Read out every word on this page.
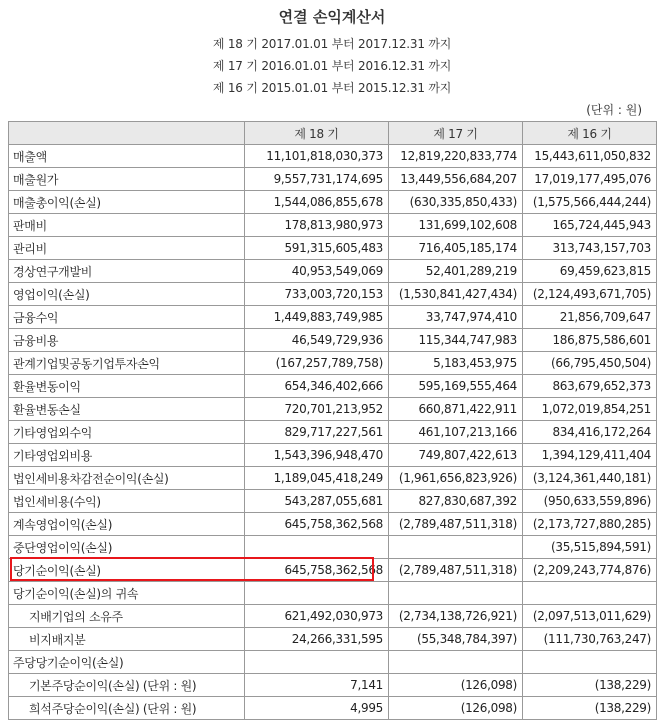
연결 손익계산서
제 18 기 2017.01.01 부터 2017.12.31 까지
제 17 기 2016.01.01 부터 2016.12.31 까지
제 16 기 2015.01.01 부터 2015.12.31 까지
(단위 : 원)
	제 18 기	제 17 기	제 16 기
매출액	11,101,818,030,373	12,819,220,833,774	15,443,611,050,832
매출원가	9,557,731,174,695	13,449,556,684,207	17,019,177,495,076
매출총이익(손실)	1,544,086,855,678	(630,335,850,433)	(1,575,566,444,244)
판매비	178,813,980,973	131,699,102,608	165,724,445,943
관리비	591,315,605,483	716,405,185,174	313,743,157,703
경상연구개발비	40,953,549,069	52,401,289,219	69,459,623,815
영업이익(손실)	733,003,720,153	(1,530,841,427,434)	(2,124,493,671,705)
금융수익	1,449,883,749,985	33,747,974,410	21,856,709,647
금융비용	46,549,729,936	115,344,747,983	186,875,586,601
관계기업및공동기업투자손익	(167,257,789,758)	5,183,453,975	(66,795,450,504)
환율변동이익	654,346,402,666	595,169,555,464	863,679,652,373
환율변동손실	720,701,213,952	660,871,422,911	1,072,019,854,251
기타영업외수익	829,717,227,561	461,107,213,166	834,416,172,264
기타영업외비용	1,543,396,948,470	749,807,422,613	1,394,129,411,404
법인세비용차감전순이익(손실)	1,189,045,418,249	(1,961,656,823,926)	(3,124,361,440,181)
법인세비용(수익)	543,287,055,681	827,830,687,392	(950,633,559,896)
계속영업이익(손실)	645,758,362,568	(2,789,487,511,318)	(2,173,727,880,285)
중단영업이익(손실)			(35,515,894,591)
당기순이익(손실)	645,758,362,568	(2,789,487,511,318)	(2,209,243,774,876)
당기순이익(손실)의 귀속			
지배기업의 소유주	621,492,030,973	(2,734,138,726,921)	(2,097,513,011,629)
비지배지분	24,266,331,595	(55,348,784,397)	(111,730,763,247)
주당당기순이익(손실)			
기본주당순이익(손실) (단위 : 원)	7,141	(126,098)	(138,229)
희석주당순이익(손실) (단위 : 원)	4,995	(126,098)	(138,229)
